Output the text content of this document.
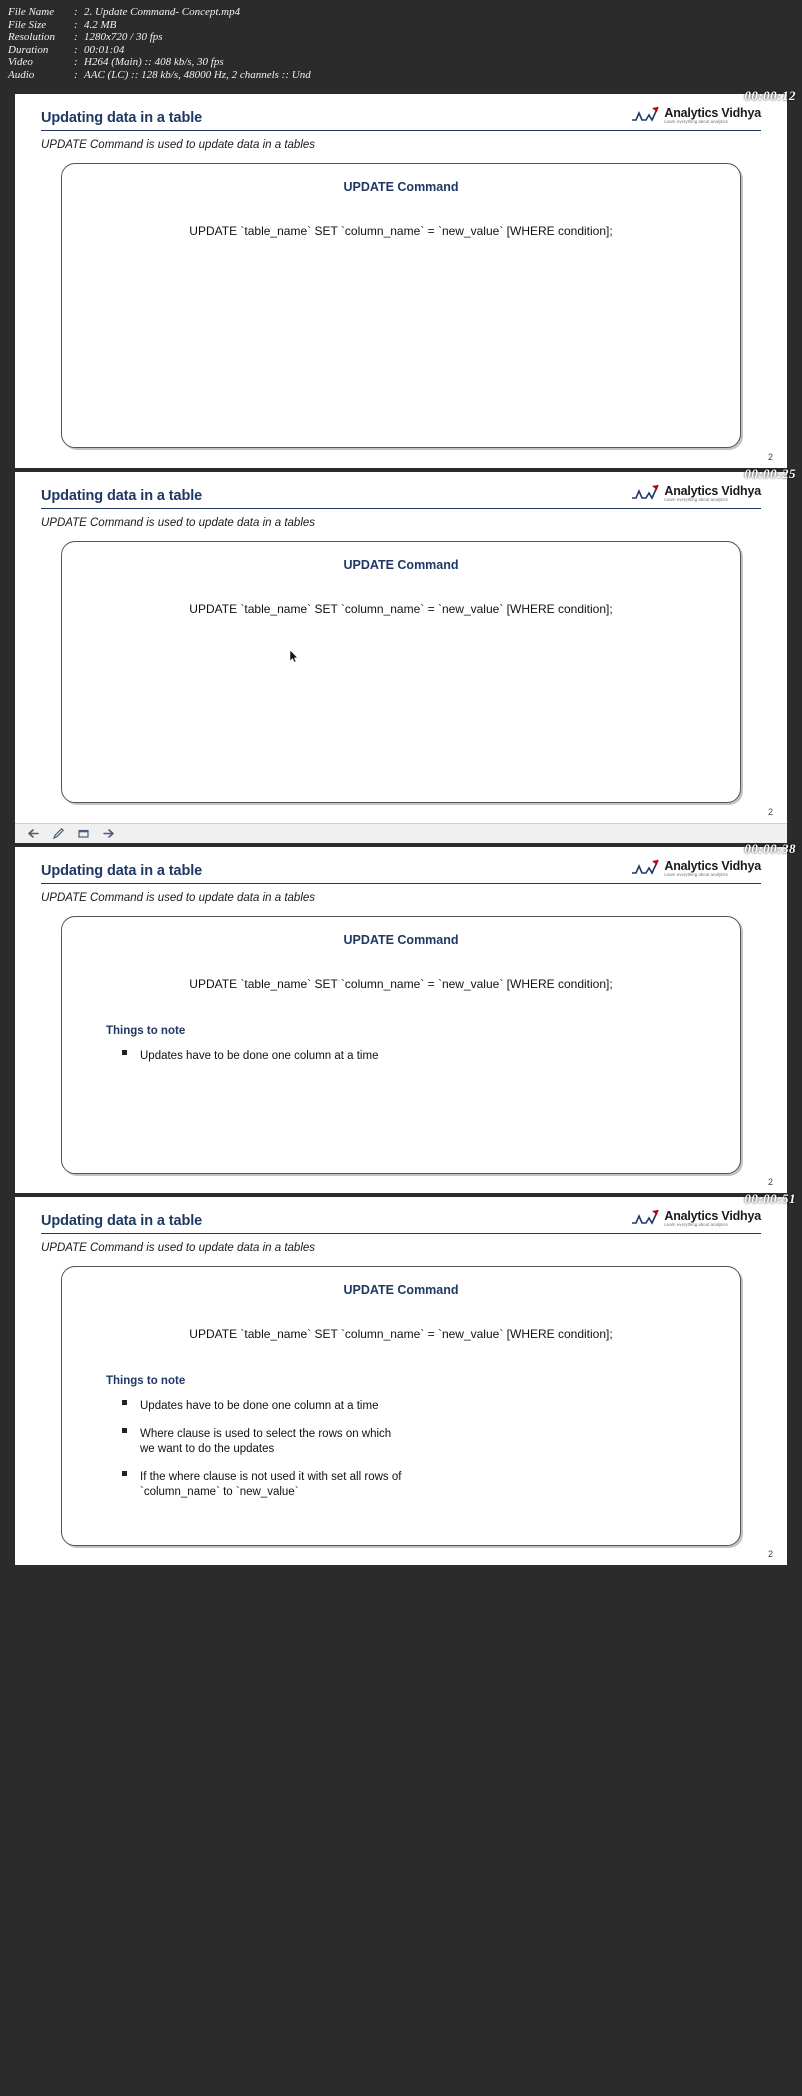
File Name	: 2. Update Command- Concept.mp4
File Size	: 4.2 MB
Resolution	: 1280x720 / 30 fps
Duration	: 00:01:04
Video	: H264 (Main) :: 408 kb/s, 30 fps
Audio	: AAC (LC) :: 128 kb/s, 48000 Hz, 2 channels :: Und
00:00:12
Analytics Vidhya
Learn everything about analytics
Updating data in a table
UPDATE Command is used to update data in a tables
UPDATE Command
UPDATE `table_name` SET `column_name` = `new_value` [WHERE condition];
2
00:00:25
Analytics Vidhya
Learn everything about analytics
Updating data in a table
UPDATE Command is used to update data in a tables
UPDATE Command
UPDATE `table_name` SET `column_name` = `new_value` [WHERE condition];
2
00:00:38
Analytics Vidhya
Learn everything about analytics
Updating data in a table
UPDATE Command is used to update data in a tables
UPDATE Command
UPDATE `table_name` SET `column_name` = `new_value` [WHERE condition];
Things to note
Updates have to be done one column at a time
2
00:00:51
Analytics Vidhya
Learn everything about analytics
Updating data in a table
UPDATE Command is used to update data in a tables
UPDATE Command
UPDATE `table_name` SET `column_name` = `new_value` [WHERE condition];
Things to note
Updates have to be done one column at a time
Where clause is used to select the rows on which we want to do the updates
If the where clause is not used it with set all rows of `column_name` to `new_value`
2
